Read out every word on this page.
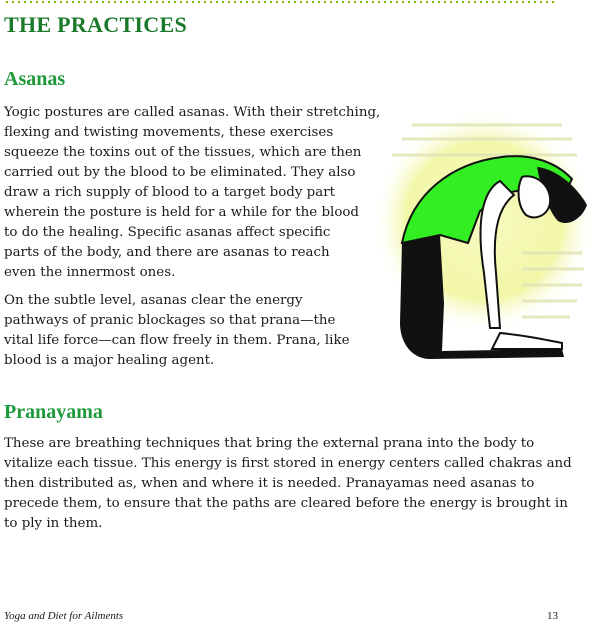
THE PRACTICES
Asanas

Yogic postures are called asanas. With their stretching,
flexing and twisting movements, these exercises
squeeze the toxins out of the tissues, which are then
carried out by the blood to be eliminated. They also
draw a rich supply of blood to a target body part
wherein the posture is held for a while for the blood
to do the healing. Specific asanas affect specific
parts of the body, and there are asanas to reach
even the innermost ones.

On the subtle level, asanas clear the energy
pathways of pranic blockages so that prana—the
vital life force—can flow freely in them. Prana, like
blood is a major healing agent.

Pranayama

These are breathing techniques that bring the external prana into the body to
vitalize each tissue. This energy is first stored in energy centers called chakras and
then distributed as, when and where it is needed. Pranayamas need asanas to
precede them, to ensure that the paths are cleared before the energy is brought in
to ply in them.

Yoga and Diet for Ailments	13
